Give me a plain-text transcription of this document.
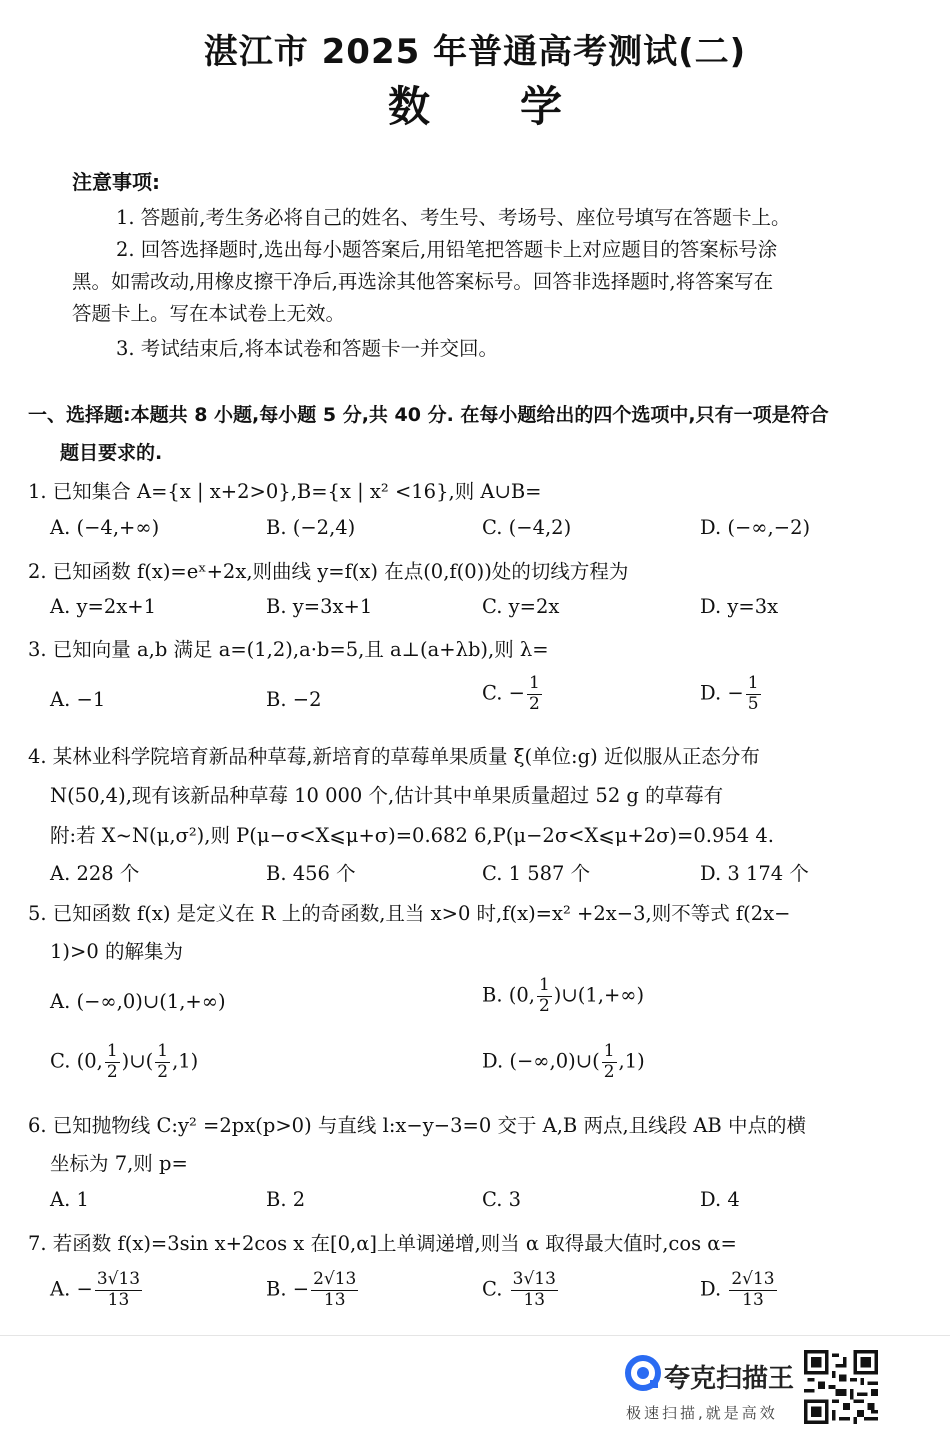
湛江市 2025 年普通高考测试(二)
数 学
注意事项:
1. 答题前,考生务必将自己的姓名、考生号、考场号、座位号填写在答题卡上。
2. 回答选择题时,选出每小题答案后,用铅笔把答题卡上对应题目的答案标号涂
黑。如需改动,用橡皮擦干净后,再选涂其他答案标号。回答非选择题时,将答案写在
答题卡上。写在本试卷上无效。
3. 考试结束后,将本试卷和答题卡一并交回。
一、选择题:本题共 8 小题,每小题 5 分,共 40 分. 在每小题给出的四个选项中,只有一项是符合
题目要求的.
1. 已知集合 A={x | x+2>0},B={x | x² <16},则 A∪B=
A. (−4,+∞)	B. (−2,4)	C. (−4,2)	D. (−∞,−2)
2. 已知函数 f(x)=eˣ+2x,则曲线 y=f(x) 在点(0,f(0))处的切线方程为
A. y=2x+1	B. y=3x+1	C. y=2x	D. y=3x
3. 已知向量 a,b 满足 a=(1,2),a·b=5,且 a⊥(a+λb),则 λ=
A. −1	B. −2	C. − $\frac{1}{2}$	D. − $\frac{1}{5}$
4. 某林业科学院培育新品种草莓,新培育的草莓单果质量 ξ(单位:g) 近似服从正态分布
N(50,4),现有该新品种草莓 10 000 个,估计其中单果质量超过 52 g 的草莓有
附:若 X~N(μ,σ²),则 P(μ−σ<X⩽μ+σ)=0.682 6,P(μ−2σ<X⩽μ+2σ)=0.954 4.
A. 228 个	B. 456 个	C. 1 587 个	D. 3 174 个
5. 已知函数 f(x) 是定义在 R 上的奇函数,且当 x>0 时,f(x)=x² +2x−3,则不等式 f(2x−
1)>0 的解集为
A. (−∞,0)∪(1,+∞)	B. (0, $\frac{1}{2}$ )∪(1,+∞)
C. (0, $\frac{1}{2}$ )∪( $\frac{1}{2} ,1$)	D. (−∞,0)∪( $\frac{1}{2} ,1$)
6. 已知抛物线 C:y² =2px(p>0) 与直线 l:x−y−3=0 交于 A,B 两点,且线段 AB 中点的横
坐标为 7,则 p=
A. 1	B. 2	C. 3	D. 4
7. 若函数 f(x)=3sin x+2cos x 在[0,α]上单调递增,则当 α 取得最大值时,cos α=
A. − $\frac{3√13}{13}$	B. − $\frac{2√13}{13}$	C. $\frac{3√13}{13}$	D. $\frac{2√13}{13}$
夸克扫描王
极速扫描,就是高效
